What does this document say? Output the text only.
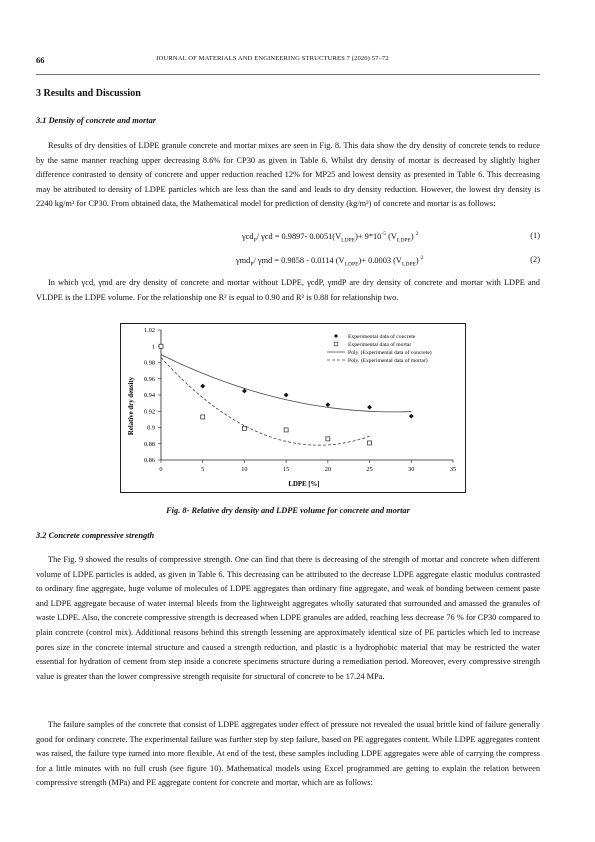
66	JOURNAL OF MATERIALS AND ENGINEERING STRUCTURES 7 (2020) 57–72
3 Results and Discussion
3.1 Density of concrete and mortar

Results of dry densities of LDPE granule concrete and mortar mixes are seen in Fig. 8. This data show the dry density of concrete tends to reduce by the same manner reaching upper decreasing 8.6% for CP30 as given in Table 6. Whilst dry density of mortar is decreased by slightly higher difference contrasted to density of concrete and upper reduction reached 12% for MP25 and lowest density as presented in Table 6. This decreasing may be attributed to density of LDPE particles which are less than the sand and leads to dry density reduction. However, the lowest dry density is 2240 kg/m³ for CP30. From obtained data, the Mathematical model for prediction of density (kg/m³) of concrete and mortar is as follows:

γcd$_P$/ γcd = 0.9897- $0.0051(V_{LDPE})+ 9*10^{-5}$ $(V_{LDPE})$ $^2$	(1)
γmd$_P$/ γmd = 0.9858 - 0.0114 $(V_{LDPE})+ 0.0003$ $(V_{LDPE})$ $^2$	(2)

In which γcd, γmd are dry density of concrete and mortar without LDPE, γcdP, γmdP are dry density of concrete and mortar with LDPE and VLDPE is the LDPE volume. For the relationship one R² is equal to 0.90 and R² is 0.88 for relationship two.

0.86
0.88
0.9
0.92
0.94
0.96
0.98
1
1.02
0	5	10	15	20	25	30	35
Experimental data of concrete
Experimental data of mortar
Poly. (Experimental data of concrete)
Poly. (Experimental data of mortar)
Relative dry density
LDPE [%]
Fig. 8- Relative dry density and LDPE volume for concrete and mortar
3.2 Concrete compressive strength

The Fig. 9 showed the results of compressive strength. One can find that there is decreasing of the strength of mortar and concrete when different volume of LDPE particles is added, as given in Table 6. This decreasing can be attributed to the decrease LDPE aggregate elastic modulus contrasted to ordinary fine aggregate, huge volume of molecules of LDPE aggregates than ordinary fine aggregate, and weak of bonding between cement paste and LDPE aggregate because of water internal bleeds from the lightweight aggregates wholly saturated that surrounded and amassed the granules of waste LDPE. Also, the concrete compressive strength is decreased when LDPE granules are added, reaching less decrease 76 % for CP30 compared to plain concrete (control mix). Additional reasons behind this strength lessening are approximately identical size of PE particles which led to increase pores size in the concrete internal structure and caused a strength reduction, and plastic is a hydrophobic material that may be restricted the water essential for hydration of cement from step inside a concrete specimens structure during a remediation period. Moreover, every compressive strength value is greater than the lower compressive strength requisite for structural of concrete to be 17.24 MPa.

The failure samples of the concrete that consist of LDPE aggregates under effect of pressure not revealed the usual brittle kind of failure generally good for ordinary concrete. The experimental failure was further step by step failure, based on PE aggregates content. While LDPE aggregates content was raised, the failure type turned into more flexible. At end of the test, these samples including LDPE aggregates were able of carrying the compress for a little minutes with no full crush (see figure 10). Mathematical models using Excel programmed are getting to explain the relation between compressive strength (MPa) and PE aggregate content for concrete and mortar, which are as follows:
